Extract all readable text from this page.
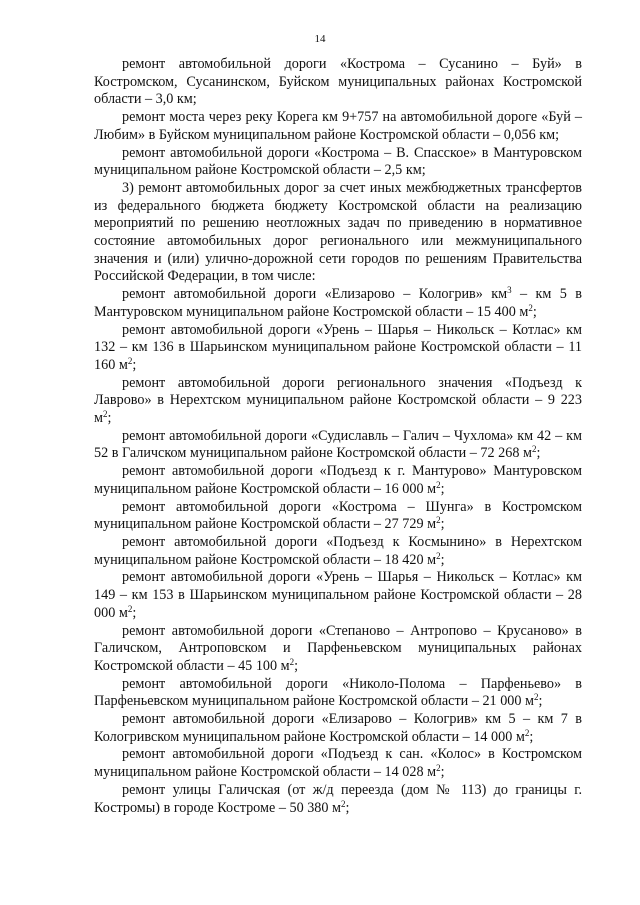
14

ремонт автомобильной дороги «Кострома – Сусанино – Буй» в Костромском, Сусанинском, Буйском муниципальных районах Костромской области – 3,0 км;

ремонт моста через реку Корега км 9+757 на автомобильной дороге «Буй – Любим» в Буйском муниципальном районе Костромской области – 0,056 км;

ремонт автомобильной дороги «Кострома – В. Спасское» в Мантуровском муниципальном районе Костромской области – 2,5 км;

3) ремонт автомобильных дорог за счет иных межбюджетных трансфертов из федерального бюджета бюджету Костромской области на реализацию мероприятий по решению неотложных задач по приведению в нормативное состояние автомобильных дорог регионального или межмуниципального значения и (или) улично-дорожной сети городов по решениям Правительства Российской Федерации, в том числе:

ремонт автомобильной дороги «Елизарово – Кологрив» $км^3$ – км 5 в Мантуровском муниципальном районе Костромской области – 15 400 $м^2$;

ремонт автомобильной дороги «Урень – Шарья – Никольск – Котлас» км 132 – км 136 в Шарьинском муниципальном районе Костромской области – 11 160 $м^2$;

ремонт автомобильной дороги регионального значения «Подъезд к Лаврово» в Нерехтском муниципальном районе Костромской области – 9 223 $м^2$;

ремонт автомобильной дороги «Судиславль – Галич – Чухлома» км 42 – км 52 в Галичском муниципальном районе Костромской области – 72 268 $м^2$;

ремонт автомобильной дороги «Подъезд к г. Мантурово» Мантуровском муниципальном районе Костромской области – 16 000 $м^2$;

ремонт автомобильной дороги «Кострома – Шунга» в Костромском муниципальном районе Костромской области – 27 729 $м^2$;

ремонт автомобильной дороги «Подъезд к Космынино» в Нерехтском муниципальном районе Костромской области – 18 420 $м^2$;

ремонт автомобильной дороги «Урень – Шарья – Никольск – Котлас» км 149 – км 153 в Шарьинском муниципальном районе Костромской области – 28 000 $м^2$;

ремонт автомобильной дороги «Степаново – Антропово – Крусаново» в Галичском, Антроповском и Парфеньевском муниципальных районах Костромской области – 45 100 $м^2$;

ремонт автомобильной дороги «Николо-Полома – Парфеньево» в Парфеньевском муниципальном районе Костромской области – 21 000 $м^2$;

ремонт автомобильной дороги «Елизарово – Кологрив» км 5 – км 7 в Кологривском муниципальном районе Костромской области – 14 000 $м^2$;

ремонт автомобильной дороги «Подъезд к сан. «Колос» в Костромском муниципальном районе Костромской области – 14 028 $м^2$;

ремонт улицы Галичская (от ж/д переезда (дом № 113) до границы г. Костромы) в городе Костроме – 50 380 $м^2$;
